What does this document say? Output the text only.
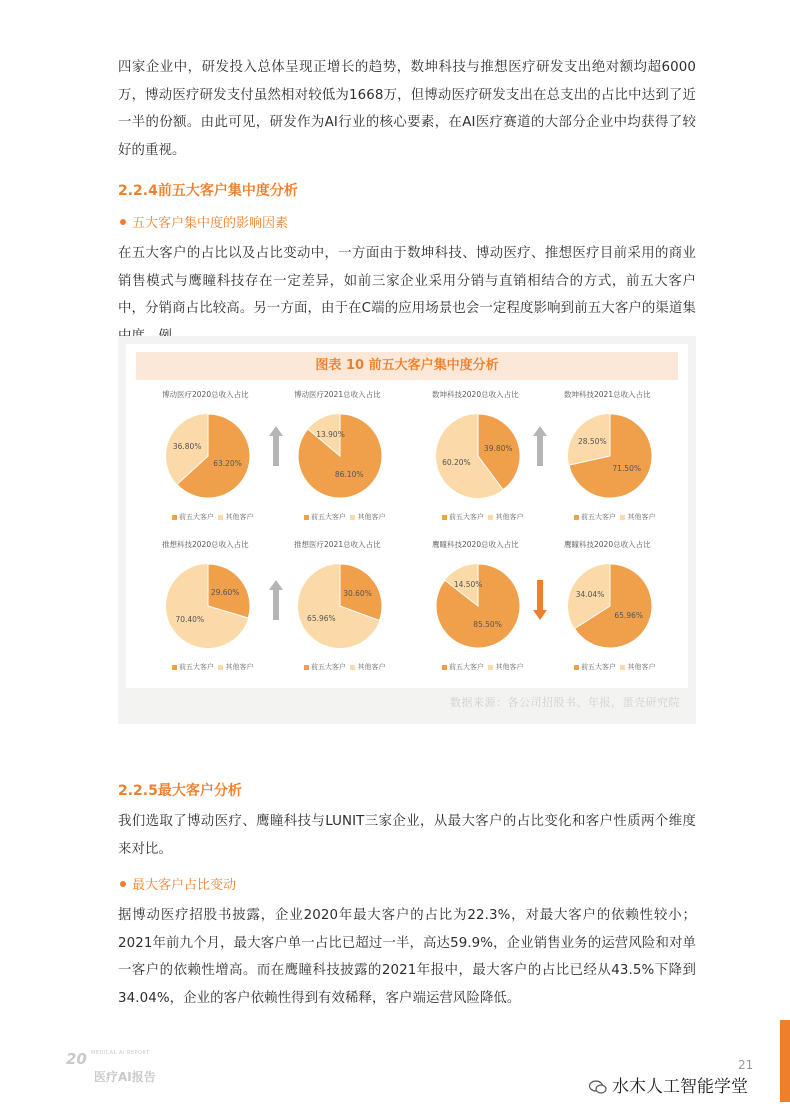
四家企业中，研发投入总体呈现正增长的趋势，数坤科技与推想医疗研发支出绝对额均超6000万，博动医疗研发支付虽然相对较低为1668万，但博动医疗研发支出在总支出的占比中达到了近一半的份额。由此可见，研发作为AI行业的核心要素，在AI医疗赛道的大部分企业中均获得了较好的重视。
2.2.4前五大客户集中度分析
五大客户集中度的影响因素
在五大客户的占比以及占比变动中，一方面由于数坤科技、博动医疗、推想医疗目前采用的商业销售模式与鹰瞳科技存在一定差异，如前三家企业采用分销与直销相结合的方式，前五大客户中，分销商占比较高。另一方面，由于在C端的应用场景也会一定程度影响到前五大客户的渠道集
图表 10 前五大客户集中度分析
博动医疗2020总收入占比
63.20%
36.80%
前五大客户 其他客户
博动医疗2021总收入占比
86.10%
13.90%
前五大客户 其他客户
数坤科技2020总收入占比
39.80%
60.20%
前五大客户 其他客户
数坤科技2021总收入占比
71.50%
28.50%
前五大客户 其他客户
推想科技2020总收入占比
29.60%
70.40%
前五大客户 其他客户
推想医疗2021总收入占比
30.60%
65.96%
前五大客户 其他客户
鹰瞳科技2020总收入占比
85.50%
14.50%
前五大客户 其他客户
鹰瞳科技2020总收入占比
65.96%
34.04%
前五大客户 其他客户
数据来源：各公司招股书、年报，蛋壳研究院
2.2.5最大客户分析
我们选取了博动医疗、鹰瞳科技与LUNIT三家企业，从最大客户的占比变化和客户性质两个维度来对比。
最大客户占比变动
据博动医疗招股书披露，企业2020年最大客户的占比为22.3%，对最大客户的依赖性较小；2021年前九个月，最大客户单一占比已超过一半，高达59.9%，企业销售业务的运营风险和对单一客户的依赖性增高。而在鹰瞳科技披露的2021年报中，最大客户的占比已经从43.5%下降到34.04%，企业的客户依赖性得到有效稀释，客户端运营风险降低。
20 MEDICAL AI REPORT
医疗AI报告
21
水木人工智能学堂
